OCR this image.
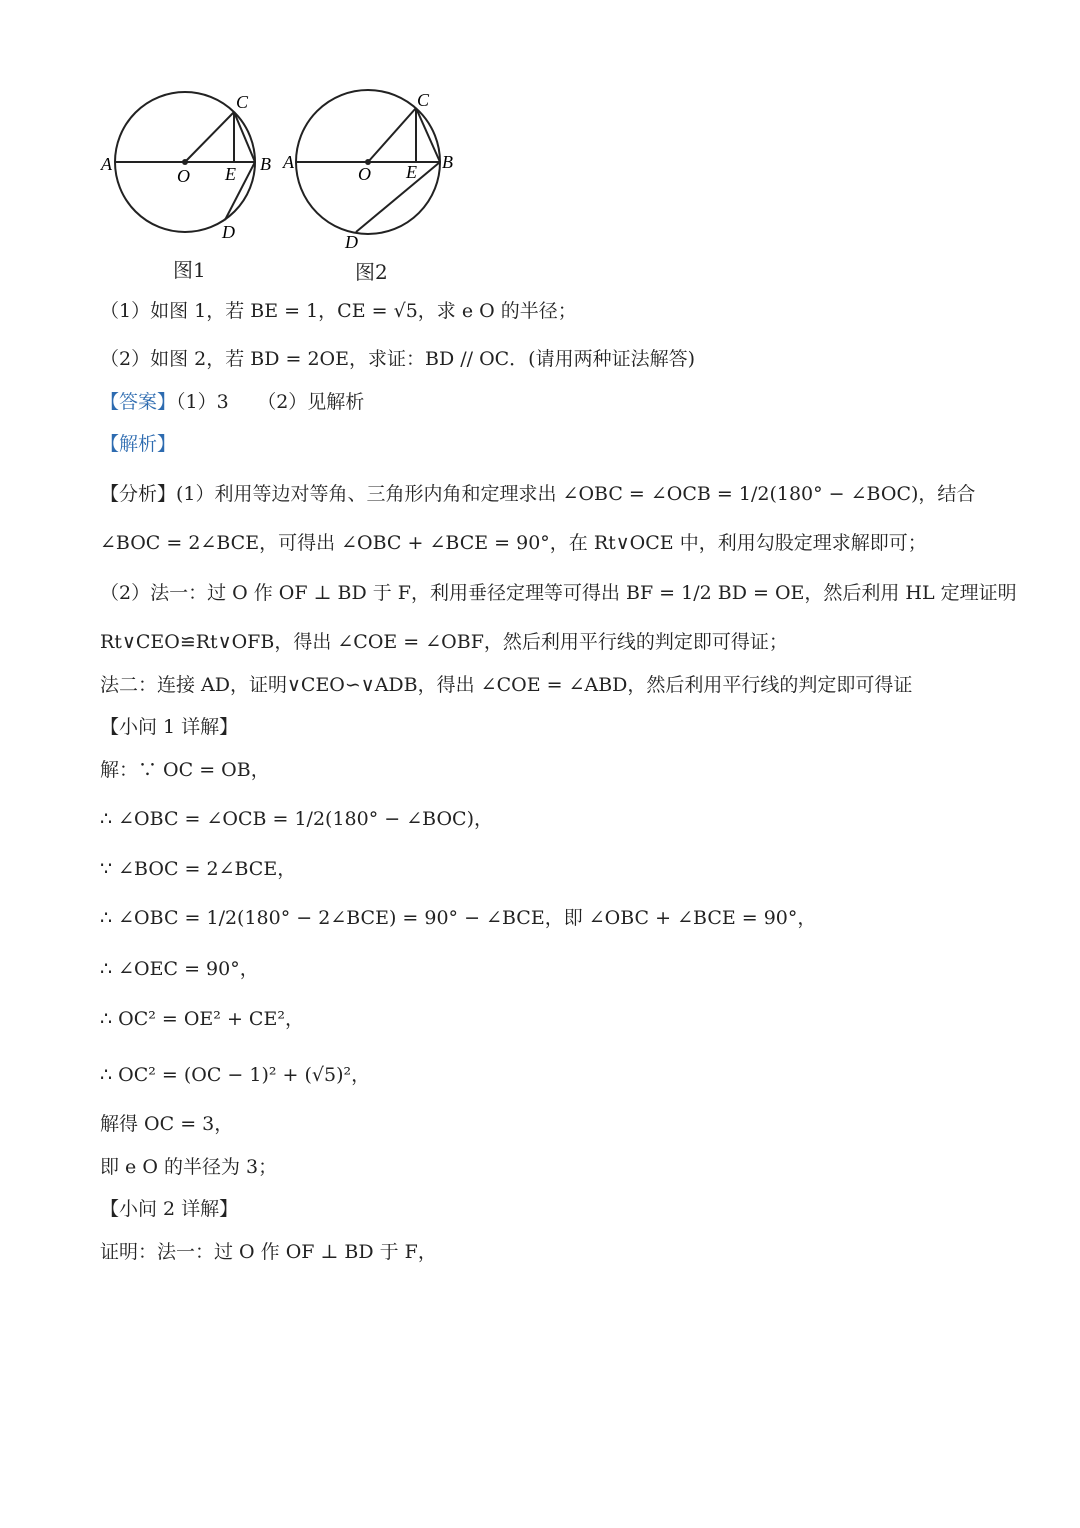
A
O E B
C
D
图1
A
O E B
C
D
图2
（1）如图 1，若 BE = 1，CE = √5，求 e O 的半径；
（2）如图 2，若 BD = 2OE，求证：BD // OC．(请用两种证法解答)
【答案】（1）3　　（2）见解析
【解析】
【分析】(1）利用等边对等角、三角形内角和定理求出 ∠OBC = ∠OCB = 1/2(180° − ∠BOC)，结合
∠BOC = 2∠BCE，可得出 ∠OBC + ∠BCE = 90°，在 Rt∨OCE 中，利用勾股定理求解即可；
（2）法一：过 O 作 OF ⊥ BD 于 F，利用垂径定理等可得出 BF = 1/2 BD = OE，然后利用 HL 定理证明
Rt∨CEO≌Rt∨OFB，得出 ∠COE = ∠OBF，然后利用平行线的判定即可得证；
法二：连接 AD，证明∨CEO∽∨ADB，得出 ∠COE = ∠ABD，然后利用平行线的判定即可得证
【小问 1 详解】
解：∵ OC = OB，
∴ ∠OBC = ∠OCB = 1/2(180° − ∠BOC)，
∵ ∠BOC = 2∠BCE，
∴ ∠OBC = 1/2(180° − 2∠BCE) = 90° − ∠BCE，即 ∠OBC + ∠BCE = 90°，
∴ ∠OEC = 90°，
∴ OC² = OE² + CE²，
∴ OC² = (OC − 1)² + (√5)²，
解得 OC = 3，
即 e O 的半径为 3；
【小问 2 详解】
证明：法一：过 O 作 OF ⊥ BD 于 F，
